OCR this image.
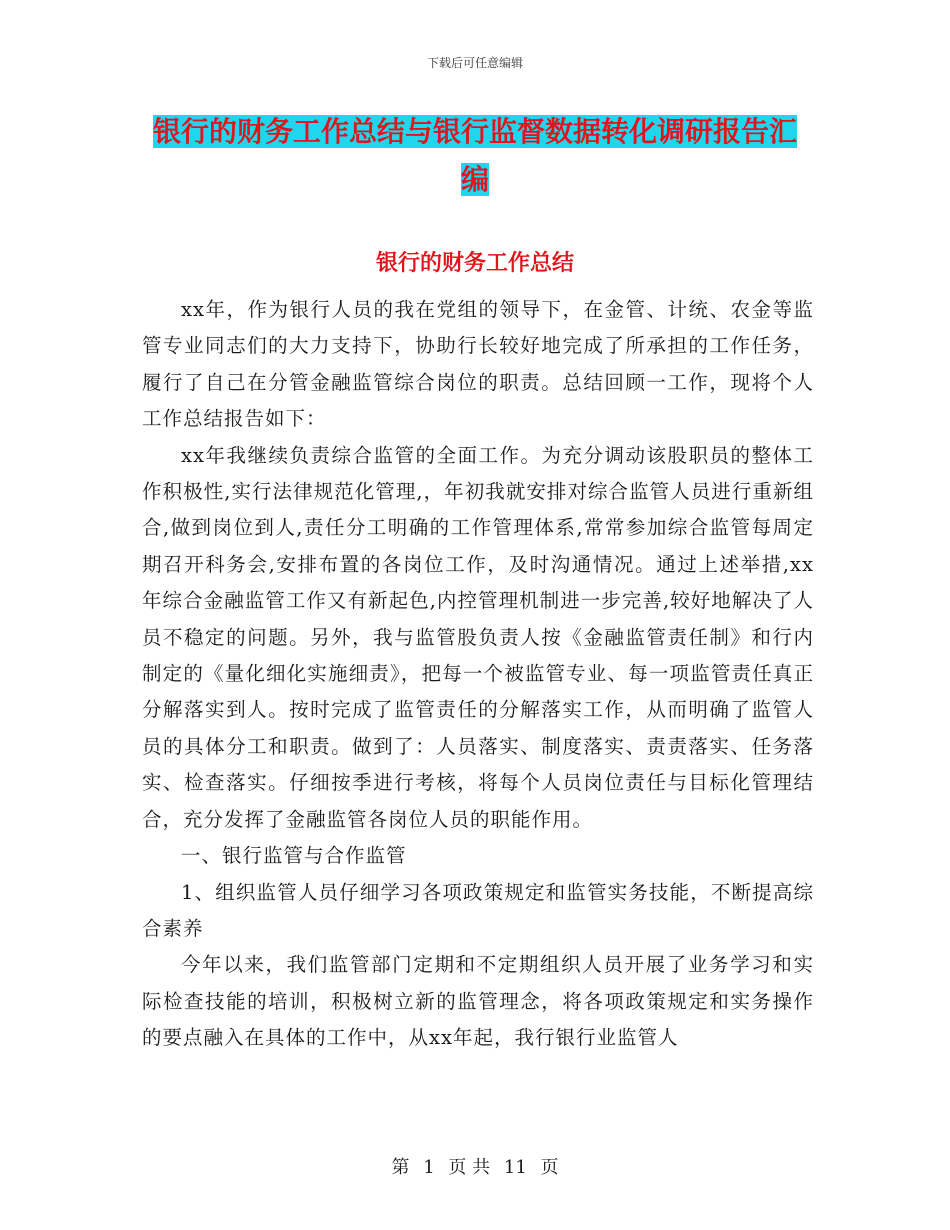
下载后可任意编辑
银行的财务工作总结与银行监督数据转化调研报告汇
编
银行的财务工作总结

xx年，作为银行人员的我在党组的领导下，在金管、计统、农金等监管专业同志们的大力支持下，协助行长较好地完成了所承担的工作任务，履行了自己在分管金融监管综合岗位的职责。总结回顾一工作，现将个人工作总结报告如下：

xx年我继续负责综合监管的全面工作。为充分调动该股职员的整体工作积极性,实行法律规范化管理,，年初我就安排对综合监管人员进行重新组合,做到岗位到人,责任分工明确的工作管理体系,常常参加综合监管每周定期召开科务会,安排布置的各岗位工作，及时沟通情况。通过上述举措,xx年综合金融监管工作又有新起色,内控管理机制进一步完善,较好地解决了人员不稳定的问题。另外，我与监管股负责人按《金融监管责任制》和行内制定的《量化细化实施细责》，把每一个被监管专业、每一项监管责任真正分解落实到人。按时完成了监管责任的分解落实工作，从而明确了监管人员的具体分工和职责。做到了：人员落实、制度落实、责责落实、任务落实、检查落实。仔细按季进行考核，将每个人员岗位责任与目标化管理结合，充分发挥了金融监管各岗位人员的职能作用。

一、银行监管与合作监管

1、组织监管人员仔细学习各项政策规定和监管实务技能，不断提高综合素养

今年以来，我们监管部门定期和不定期组织人员开展了业务学习和实际检查技能的培训，积极树立新的监管理念，将各项政策规定和实务操作的要点融入在具体的工作中，从xx年起，我行银行业监管人

第 1 页 共 11 页
